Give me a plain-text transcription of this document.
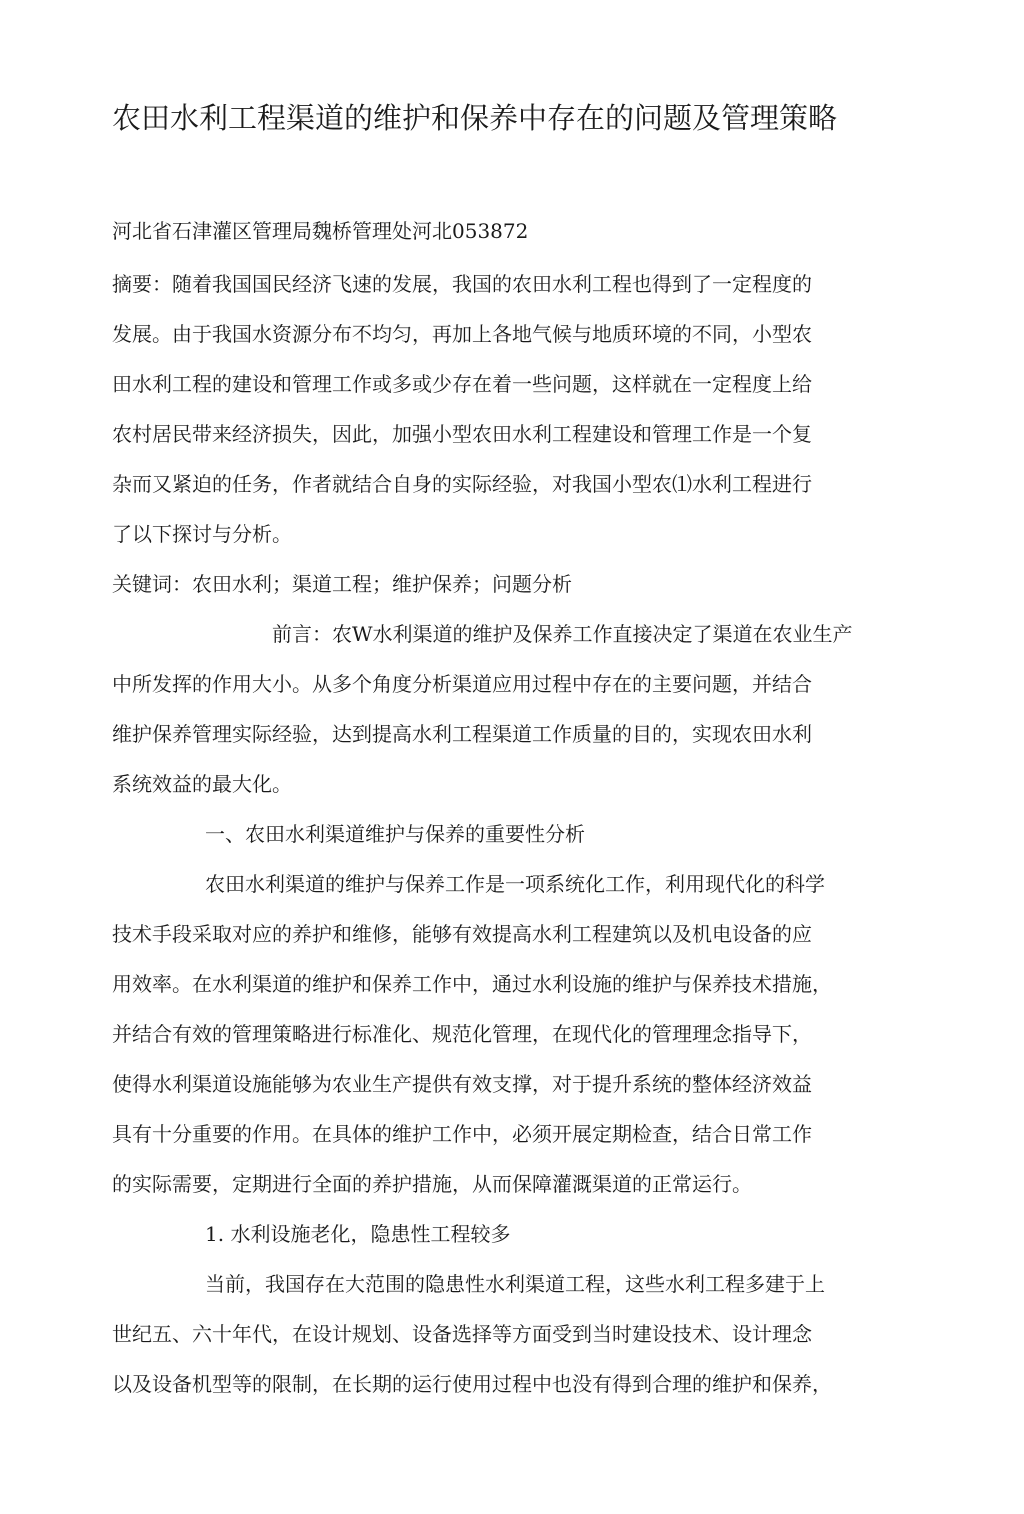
农田水利工程渠道的维护和保养中存在的问题及管理策略

河北省石津灌区管理局魏桥管理处河北053872

摘要：随着我国国民经济飞速的发展，我国的农田水利工程也得到了一定程度的
发展。由于我国水资源分布不均匀，再加上各地气候与地质环境的不同，小型农
田水利工程的建设和管理工作或多或少存在着一些问题，这样就在一定程度上给
农村居民带来经济损失，因此，加强小型农田水利工程建设和管理工作是一个复
杂而又紧迫的任务，作者就结合自身的实际经验，对我国小型农⑴水利工程进行
了以下探讨与分析。
关键词：农田水利；渠道工程；维护保养；问题分析
前言：农W水利渠道的维护及保养工作直接决定了渠道在农业生产
中所发挥的作用大小。从多个角度分析渠道应用过程中存在的主要问题，并结合
维护保养管理实际经验，达到提高水利工程渠道工作质量的目的，实现农田水利
系统效益的最大化。
一、农田水利渠道维护与保养的重要性分析
农田水利渠道的维护与保养工作是一项系统化工作，利用现代化的科学
技术手段采取对应的养护和维修，能够有效提高水利工程建筑以及机电设备的应
用效率。在水利渠道的维护和保养工作中，通过水利设施的维护与保养技术措施，
并结合有效的管理策略进行标准化、规范化管理，在现代化的管理理念指导下，
使得水利渠道设施能够为农业生产提供有效支撑，对于提升系统的整体经济效益
具有十分重要的作用。在具体的维护工作中，必须开展定期检查，结合日常工作
的实际需要，定期进行全面的养护措施，从而保障灌溉渠道的正常运行。
1. 水利设施老化，隐患性工程较多
当前，我国存在大范围的隐患性水利渠道工程，这些水利工程多建于上
世纪五、六十年代，在设计规划、设备选择等方面受到当时建设技术、设计理念
以及设备机型等的限制，在长期的运行使用过程中也没有得到合理的维护和保养，
